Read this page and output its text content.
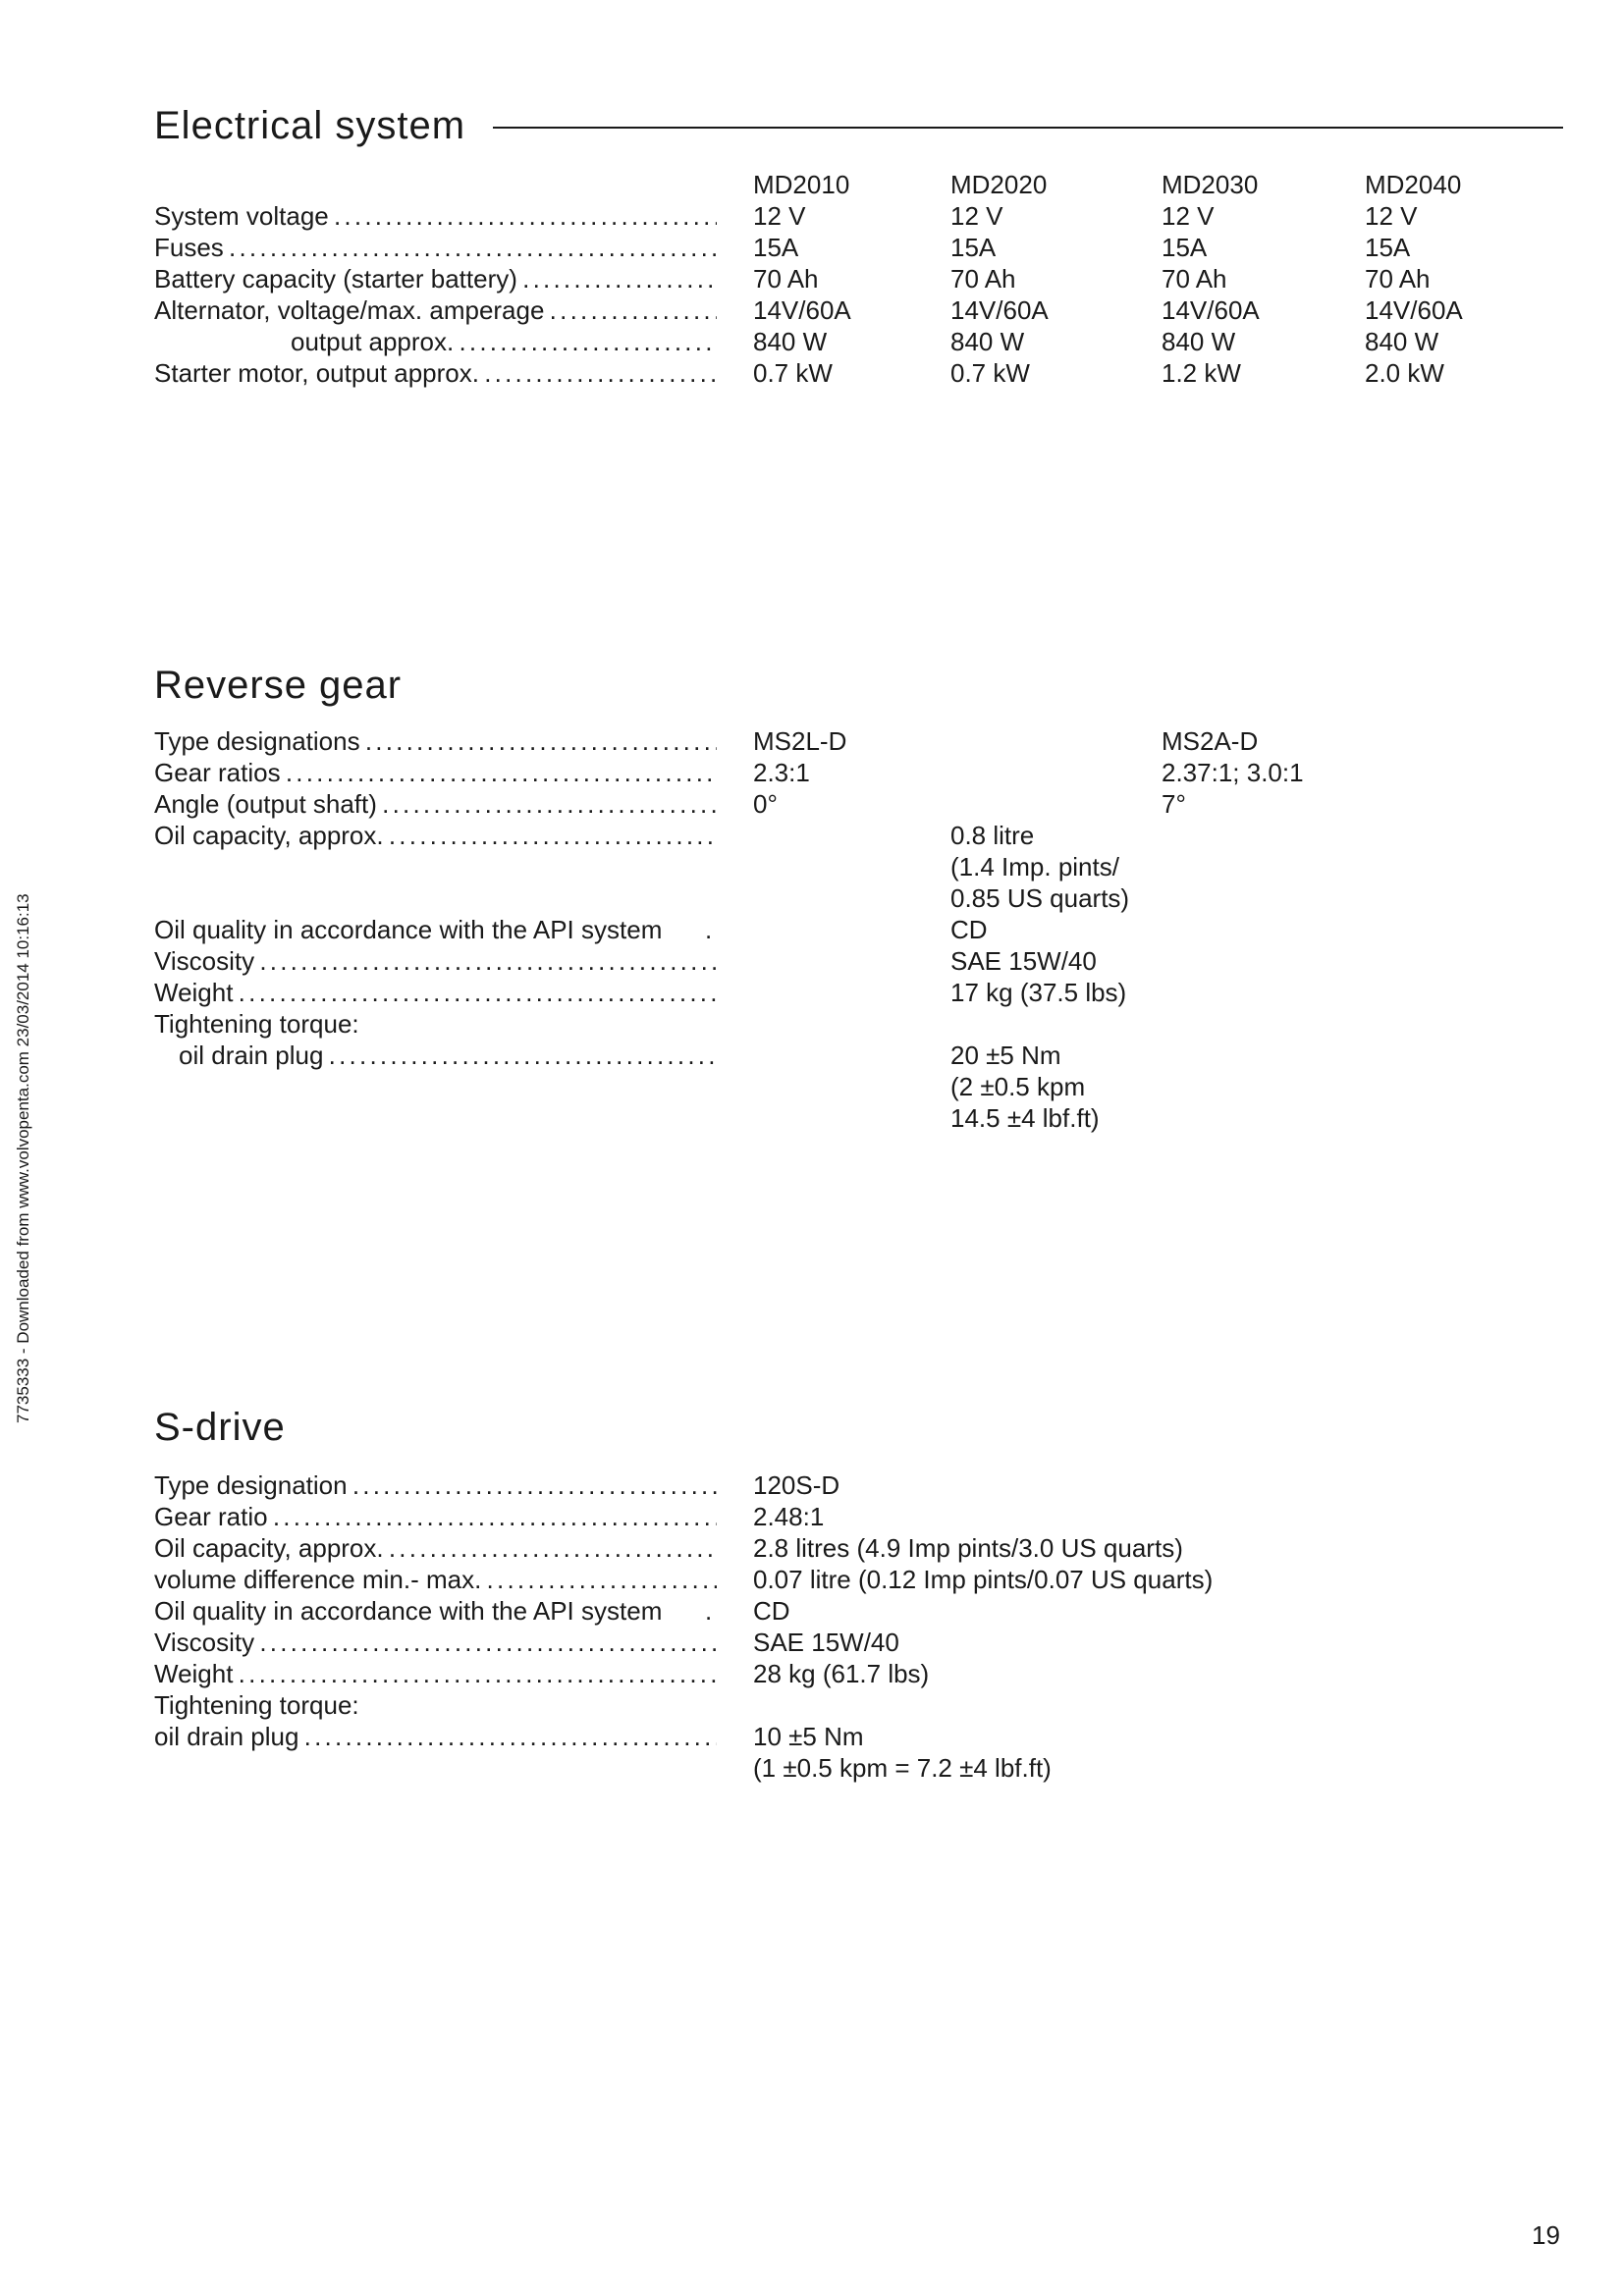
7735333 - Downloaded from www.volvopenta.com 23/03/2014 10:16:13
Electrical system
MD2010	MD2020	MD2030	MD2040
System voltage . . .	12 V	12 V	12 V	12 V
Fuses . . .	15A	15A	15A	15A
Battery capacity (starter battery) . . .	70 Ah	70 Ah	70 Ah	70 Ah
Alternator, voltage/max. amperage . . .	14V/60A	14V/60A	14V/60A	14V/60A
output approx. . . .	840 W	840 W	840 W	840 W
Starter motor, output approx. . . .	0.7 kW	0.7 kW	1.2 kW	2.0 kW
Reverse gear
Type designations . . .	MS2L-D	MS2A-D
Gear ratios . . .	2.3:1	2.37:1; 3.0:1
Angle (output shaft) . . .	0°	7°
Oil capacity, approx. . . .	0.8 litre
(1.4 Imp. pints/
0.85 US quarts)
Oil quality in accordance with the API system	.	CD
Viscosity . . .	SAE 15W/40
Weight . . .	17 kg (37.5 lbs)
Tightening torque:
oil drain plug . . .	20 ±5 Nm
(2 ±0.5 kpm
14.5 ±4 lbf.ft)
S-drive
Type designation . . .	120S-D
Gear ratio . . .	2.48:1
Oil capacity, approx. . . .	2.8 litres (4.9 Imp pints/3.0 US quarts)
volume difference min.- max. . . .	0.07 litre (0.12 Imp pints/0.07 US quarts)
Oil quality in accordance with the API system	. CD
Viscosity . . .	SAE 15W/40
Weight . . .	28 kg (61.7 lbs)
Tightening torque:
oil drain plug . . .	10 ±5 Nm
(1 ±0.5 kpm = 7.2 ±4 lbf.ft)
19
